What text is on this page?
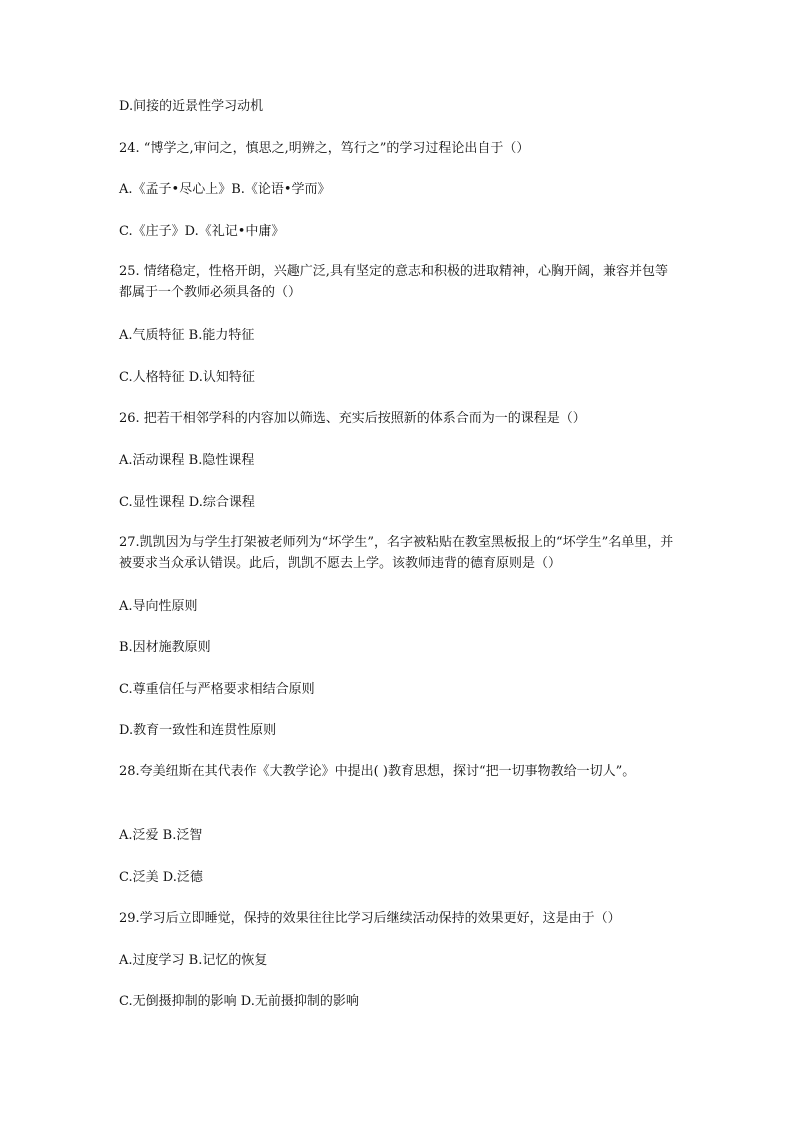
D.间接的近景性学习动机
24. “博学之,审问之，慎思之,明辨之，笃行之”的学习过程论出自于（）
A.《孟子•尽心上》B.《论语•学而》
C.《庄子》D.《礼记•中庸》
25. 情绪稳定，性格开朗，兴趣广泛,具有坚定的意志和积极的进取精神，心胸开阔，兼容并包等都属于一个教师必须具备的（）
A.气质特征 B.能力特征
C.人格特征 D.认知特征
26. 把若干相邻学科的内容加以筛选、充实后按照新的体系合而为一的课程是（）
A.活动课程 B.隐性课程
C.显性课程 D.综合课程
27.凯凯因为与学生打架被老师列为“坏学生”，名字被粘贴在教室黑板报上的“坏学生”名单里，并被要求当众承认错误。此后，凯凯不愿去上学。该教师违背的德育原则是（）
A.导向性原则
B.因材施教原则
C.尊重信任与严格要求相结合原则
D.教育一致性和连贯性原则
28.夸美纽斯在其代表作《大教学论》中提出( )教育思想，探讨“把一切事物教给一切人”。
A.泛爱 B.泛智
C.泛美 D.泛德
29.学习后立即睡觉，保持的效果往往比学习后继续活动保持的效果更好，这是由于（）
A.过度学习 B.记忆的恢复
C.无倒摄抑制的影响 D.无前摄抑制的影响
